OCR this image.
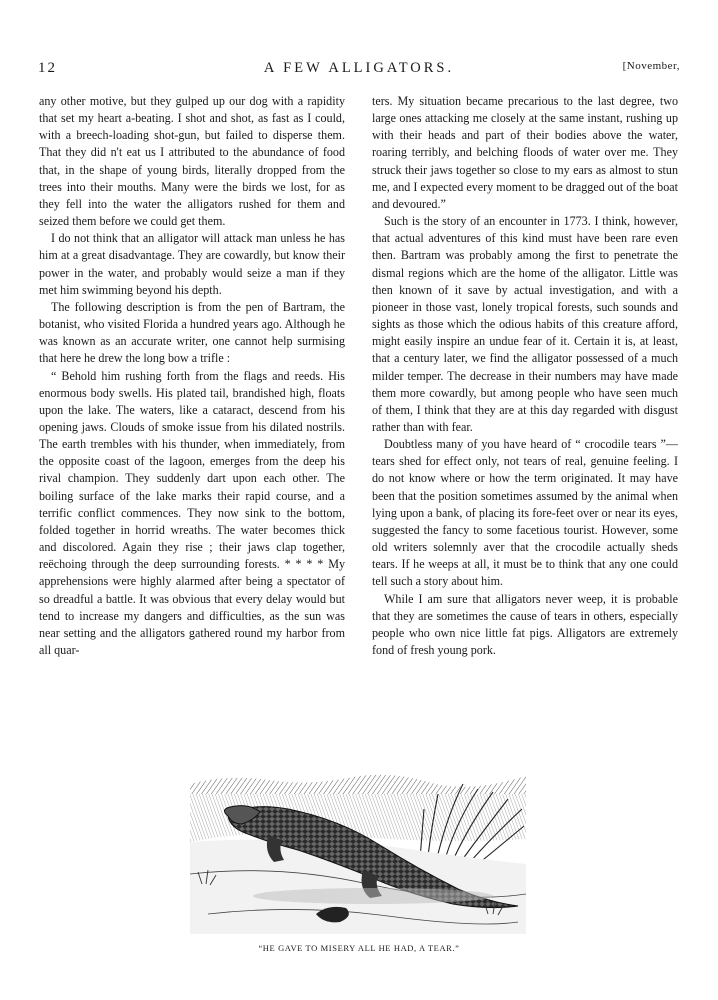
12	A FEW ALLIGATORS.	[November,

any other motive, but they gulped up our dog with a rapidity that set my heart a-beating. I shot and shot, as fast as I could, with a breech-loading shot-gun, but failed to disperse them. That they did n't eat us I attributed to the abundance of food that, in the shape of young birds, literally dropped from the trees into their mouths. Many were the birds we lost, for as they fell into the water the alligators rushed for them and seized them before we could get them.

I do not think that an alligator will attack man unless he has him at a great disadvantage. They are cowardly, but know their power in the water, and probably would seize a man if they met him swimming beyond his depth.

The following description is from the pen of Bartram, the botanist, who visited Florida a hundred years ago. Although he was known as an accurate writer, one cannot help surmising that here he drew the long bow a trifle :

“ Behold him rushing forth from the flags and reeds. His enormous body swells. His plated tail, brandished high, floats upon the lake. The waters, like a cataract, descend from his opening jaws. Clouds of smoke issue from his dilated nostrils. The earth trembles with his thunder, when immediately, from the opposite coast of the lagoon, emerges from the deep his rival champion. They suddenly dart upon each other. The boiling surface of the lake marks their rapid course, and a terrific conflict commences. They now sink to the bottom, folded together in horrid wreaths. The water becomes thick and discolored. Again they rise ; their jaws clap together, reëchoing through the deep surrounding forests. * * * * My apprehensions were highly alarmed after being a spectator of so dreadful a battle. It was obvious that every delay would but tend to increase my dangers and difficulties, as the sun was near setting and the alligators gathered round my harbor from all quar-

ters. My situation became precarious to the last degree, two large ones attacking me closely at the same instant, rushing up with their heads and part of their bodies above the water, roaring terribly, and belching floods of water over me. They struck their jaws together so close to my ears as almost to stun me, and I expected every moment to be dragged out of the boat and devoured.”

Such is the story of an encounter in 1773. I think, however, that actual adventures of this kind must have been rare even then. Bartram was probably among the first to penetrate the dismal regions which are the home of the alligator. Little was then known of it save by actual investigation, and with a pioneer in those vast, lonely tropical forests, such sounds and sights as those which the odious habits of this creature afford, might easily inspire an undue fear of it. Certain it is, at least, that a century later, we find the alligator possessed of a much milder temper. The decrease in their numbers may have made them more cowardly, but among people who have seen much of them, I think that they are at this day regarded with disgust rather than with fear.

Doubtless many of you have heard of “ crocodile tears ”—tears shed for effect only, not tears of real, genuine feeling. I do not know where or how the term originated. It may have been that the position sometimes assumed by the animal when lying upon a bank, of placing its fore-feet over or near its eyes, suggested the fancy to some facetious tourist. However, some old writers solemnly aver that the crocodile actually sheds tears. If he weeps at all, it must be to think that any one could tell such a story about him.

While I am sure that alligators never weep, it is probable that they are sometimes the cause of tears in others, especially people who own nice little fat pigs. Alligators are extremely fond of fresh young pork.

“HE GAVE TO MISERY ALL HE HAD, A TEAR.”
